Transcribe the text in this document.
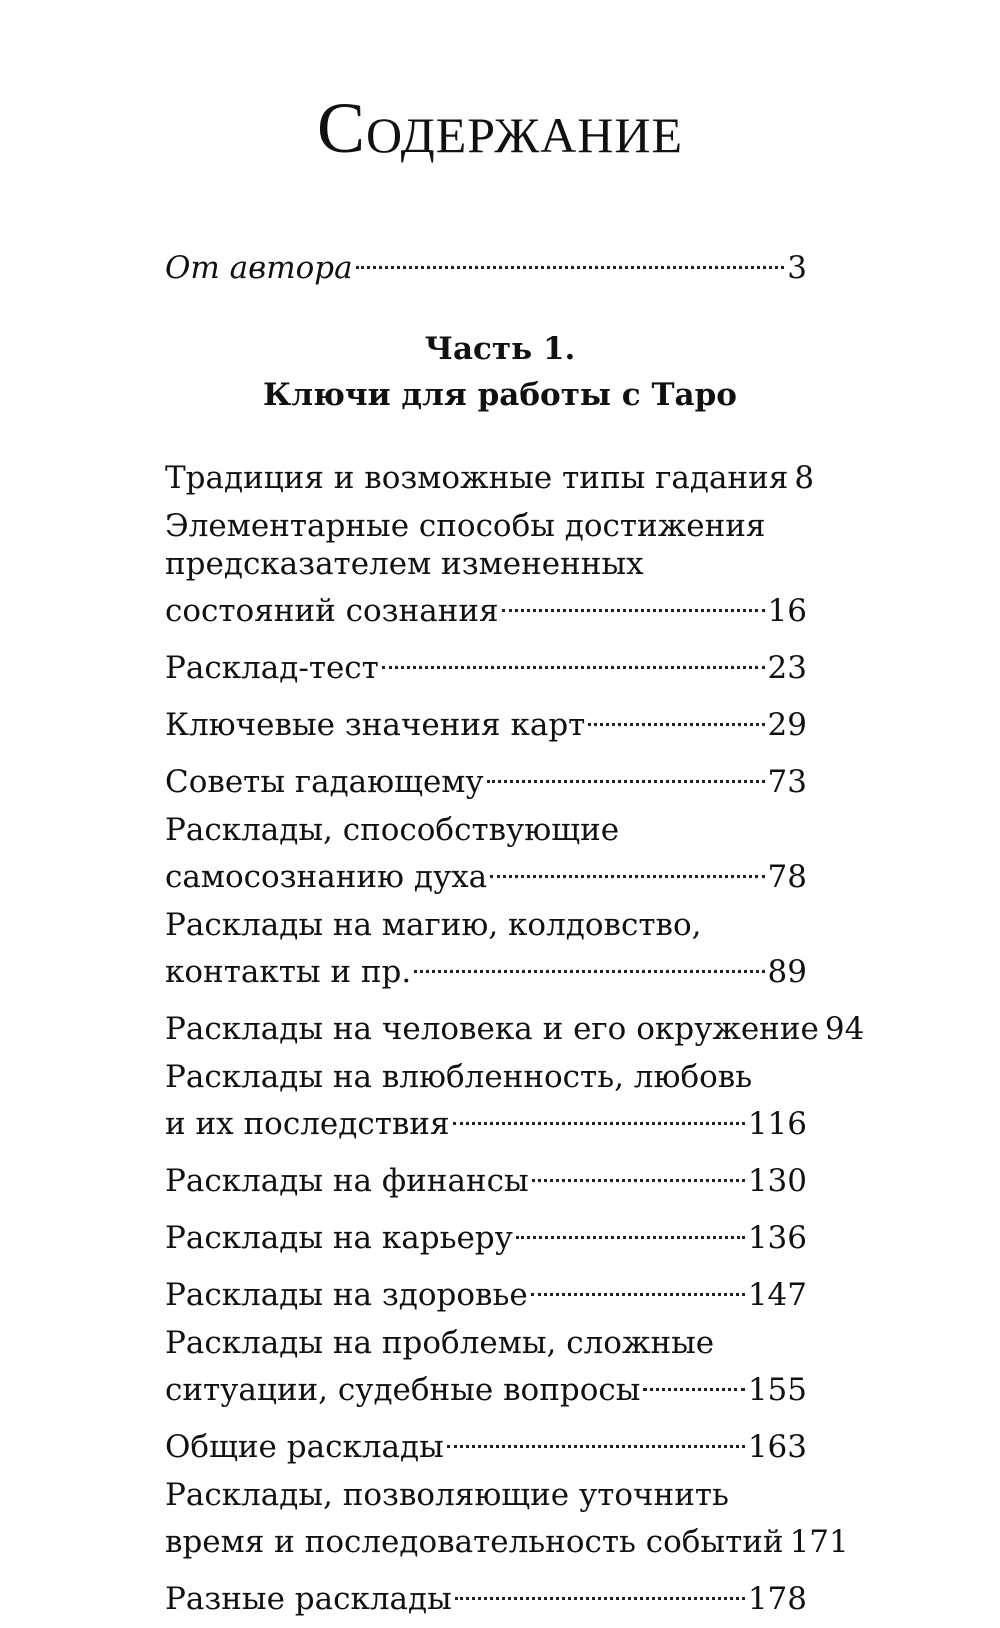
Содержание
От автора	3
Часть 1.
Ключи для работы с Таро
Традиция и возможные типы гадания 8
Элементарные способы достижения
предсказателем измененных
состояний сознания	16
Расклад-тест	23
Ключевые значения карт	29
Советы гадающему	73
Расклады, способствующие
самосознанию духа	78
Расклады на магию, колдовство,
контакты и пр.	89
Расклады на человека и его окружение 94
Расклады на влюбленность, любовь
и их последствия	116
Расклады на финансы	130
Расклады на карьеру	136
Расклады на здоровье	147
Расклады на проблемы, сложные
ситуации, судебные вопросы	155
Общие расклады	163
Расклады, позволяющие уточнить
время и последовательность событий 171
Разные расклады	178
